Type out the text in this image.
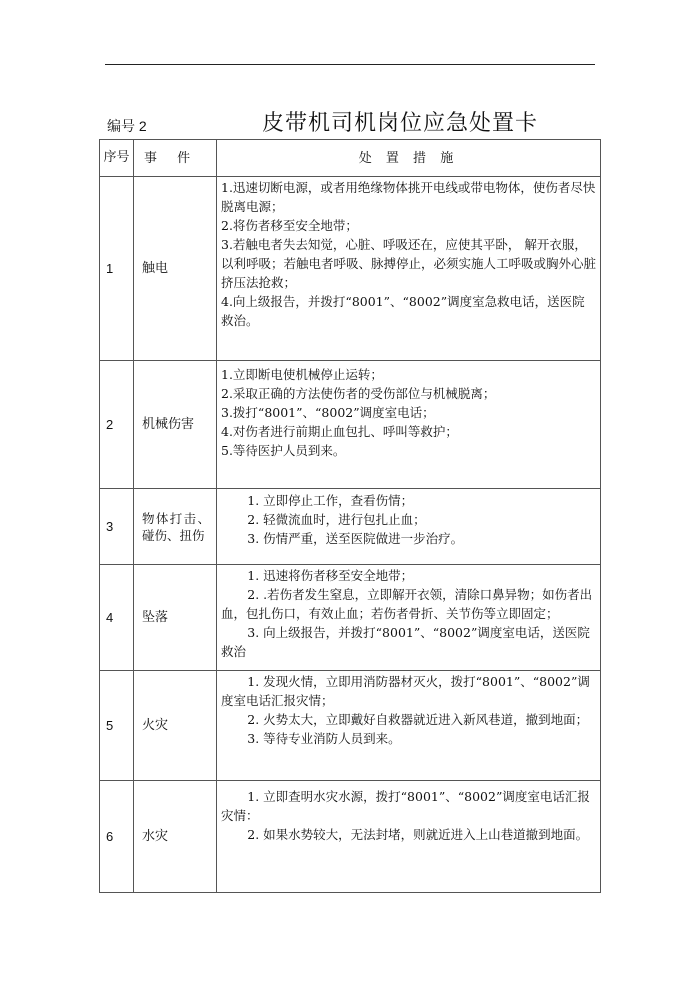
编号 2	皮带机司机岗位应急处置卡
序号	事 件	处 置 措 施
1	触电	1.迅速切断电源，或者用绝缘物体挑开电线或带电物体，使伤者尽快脱离电源；
2.将伤者移至安全地带；
3.若触电者失去知觉，心脏、呼吸还在，应使其平卧， 解开衣服，以利呼吸；若触电者呼吸、脉搏停止，必须实施人工呼吸或胸外心脏挤压法抢救；
4.向上级报告，并拨打“8001”、“8002”调度室急救电话，送医院救治。

2	机械伤害	1.立即断电使机械停止运转；
2.采取正确的方法使伤者的受伤部位与机械脱离；
3.拨打“8001”、“8002”调度室电话；
4.对伤者进行前期止血包扎、呼叫等救护；
5.等待医护人员到来。

3	物体打击、碰伤、扭伤	1. 立即停止工作，查看伤情；
2. 轻微流血时，进行包扎止血；
3. 伤情严重，送至医院做进一步治疗。

4	坠落	1. 迅速将伤者移至安全地带；
2. .若伤者发生窒息，立即解开衣领，清除口鼻异物；如伤者出血，包扎伤口，有效止血；若伤者骨折、关节伤等立即固定；
3. 向上级报告，并拨打“8001”、“8002”调度室电话，送医院救治

5	火灾	1. 发现火情，立即用消防器材灭火，拨打“8001”、“8002”调度室电话汇报灾情；
2. 火势太大，立即戴好自救器就近进入新风巷道，撤到地面；
3. 等待专业消防人员到来。

6	水灾	1. 立即查明水灾水源，拨打“8001”、“8002”调度室电话汇报灾情：
2. 如果水势较大，无法封堵，则就近进入上山巷道撤到地面。
